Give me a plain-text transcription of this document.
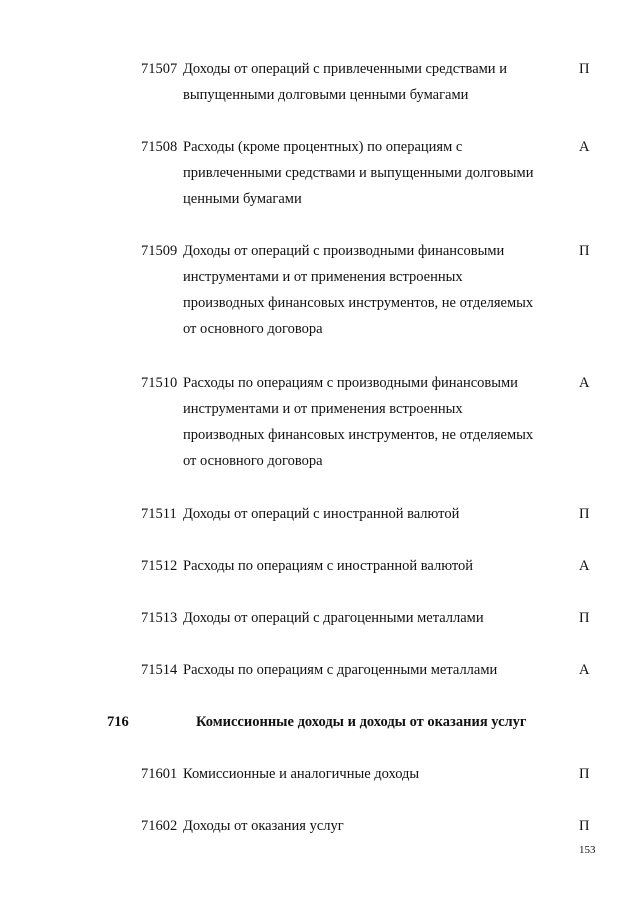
71507 Доходы от операций с привлеченными средствами и
выпущенными долговыми ценными бумагами
П
71508 Расходы (кроме процентных) по операциям с
привлеченными средствами и выпущенными долговыми
ценными бумагами
А
71509 Доходы от операций с производными финансовыми
инструментами и от применения встроенных
производных финансовых инструментов, не отделяемых
от основного договора
П
71510 Расходы по операциям с производными финансовыми
инструментами и от применения встроенных
производных финансовых инструментов, не отделяемых
от основного договора
А
71511 Доходы от операций с иностранной валютой	П
71512 Расходы по операциям с иностранной валютой	А
71513 Доходы от операций с драгоценными металлами	П
71514 Расходы по операциям с драгоценными металлами	А
716	Комиссионные доходы и доходы от оказания услуг
71601 Комиссионные и аналогичные доходы	П
71602 Доходы от оказания услуг	П
153
